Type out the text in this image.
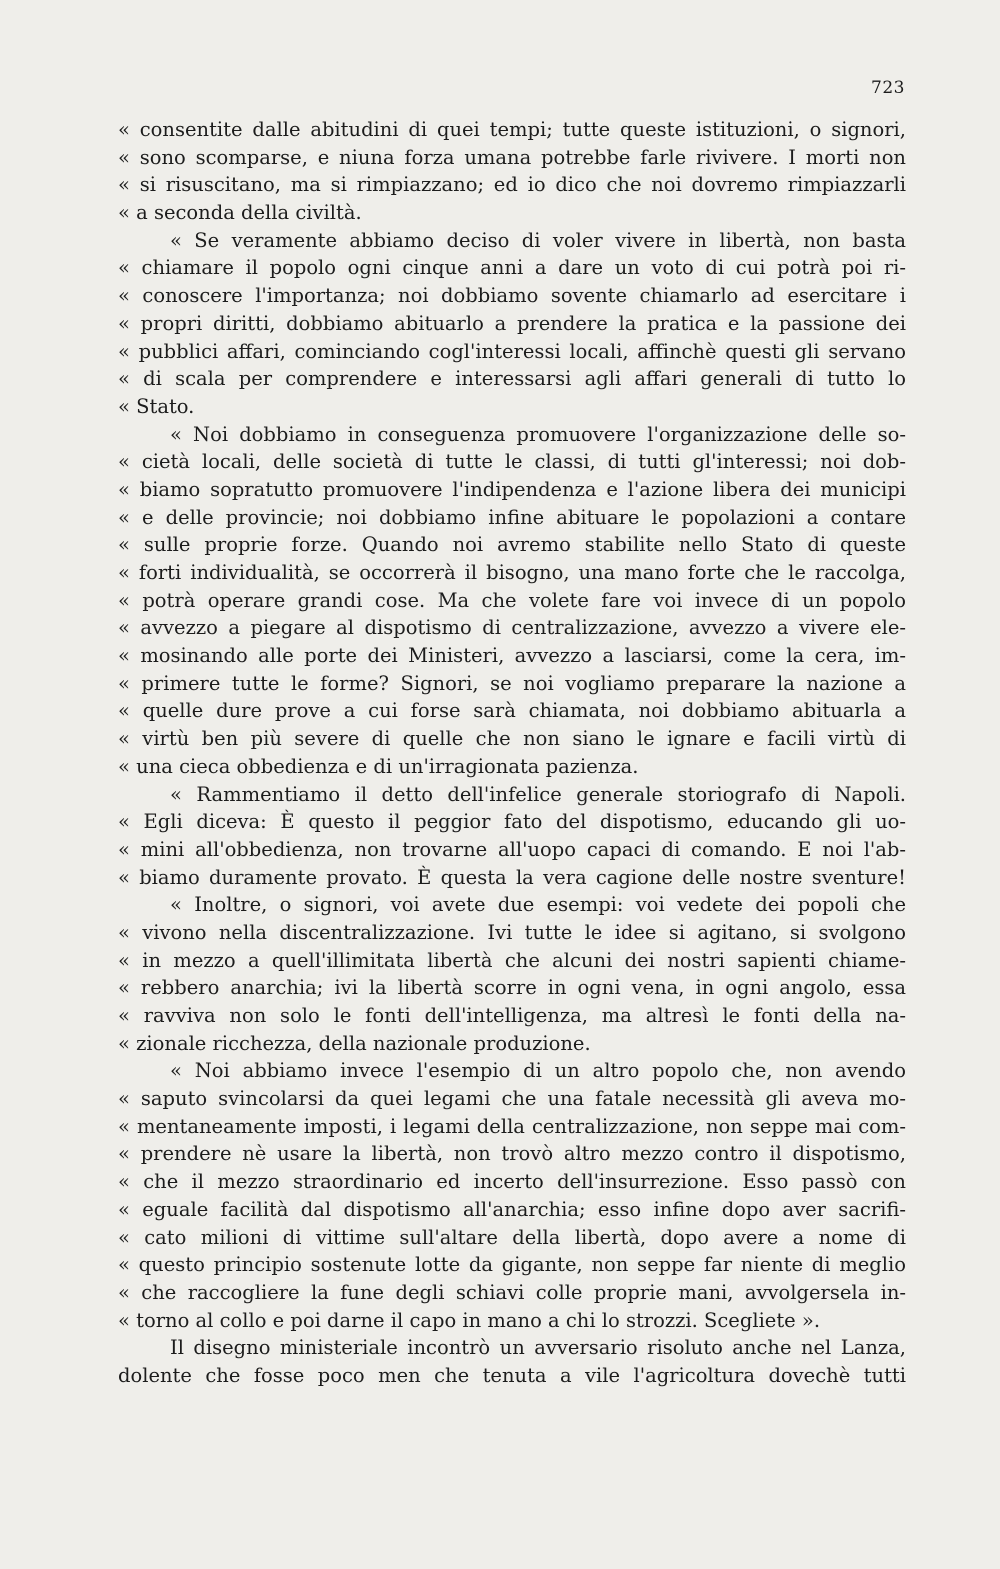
723
« consentite dalle abitudini di quei tempi; tutte queste istituzioni, o signori,
« sono scomparse, e niuna forza umana potrebbe farle rivivere. I morti non
« si risuscitano, ma si rimpiazzano; ed io dico che noi dovremo rimpiazzarli
« a seconda della civiltà.
« Se veramente abbiamo deciso di voler vivere in libertà, non basta
« chiamare il popolo ogni cinque anni a dare un voto di cui potrà poi ri-
« conoscere l'importanza; noi dobbiamo sovente chiamarlo ad esercitare i
« propri diritti, dobbiamo abituarlo a prendere la pratica e la passione dei
« pubblici affari, cominciando cogl'interessi locali, affinchè questi gli servano
« di scala per comprendere e interessarsi agli affari generali di tutto lo
« Stato.
« Noi dobbiamo in conseguenza promuovere l'organizzazione delle so-
« cietà locali, delle società di tutte le classi, di tutti gl'interessi; noi dob-
« biamo sopratutto promuovere l'indipendenza e l'azione libera dei municipi
« e delle provincie; noi dobbiamo infine abituare le popolazioni a contare
« sulle proprie forze. Quando noi avremo stabilite nello Stato di queste
« forti individualità, se occorrerà il bisogno, una mano forte che le raccolga,
« potrà operare grandi cose. Ma che volete fare voi invece di un popolo
« avvezzo a piegare al dispotismo di centralizzazione, avvezzo a vivere ele-
« mosinando alle porte dei Ministeri, avvezzo a lasciarsi, come la cera, im-
« primere tutte le forme? Signori, se noi vogliamo preparare la nazione a
« quelle dure prove a cui forse sarà chiamata, noi dobbiamo abituarla a
« virtù ben più severe di quelle che non siano le ignare e facili virtù di
« una cieca obbedienza e di un'irragionata pazienza.
« Rammentiamo il detto dell'infelice generale storiografo di Napoli.
« Egli diceva: È questo il peggior fato del dispotismo, educando gli uo-
« mini all'obbedienza, non trovarne all'uopo capaci di comando. E noi l'ab-
« biamo duramente provato. È questa la vera cagione delle nostre sventure!
« Inoltre, o signori, voi avete due esempi: voi vedete dei popoli che
« vivono nella discentralizzazione. Ivi tutte le idee si agitano, si svolgono
« in mezzo a quell'illimitata libertà che alcuni dei nostri sapienti chiame-
« rebbero anarchia; ivi la libertà scorre in ogni vena, in ogni angolo, essa
« ravviva non solo le fonti dell'intelligenza, ma altresì le fonti della na-
« zionale ricchezza, della nazionale produzione.
« Noi abbiamo invece l'esempio di un altro popolo che, non avendo
« saputo svincolarsi da quei legami che una fatale necessità gli aveva mo-
« mentaneamente imposti, i legami della centralizzazione, non seppe mai com-
« prendere nè usare la libertà, non trovò altro mezzo contro il dispotismo,
« che il mezzo straordinario ed incerto dell'insurrezione. Esso passò con
« eguale facilità dal dispotismo all'anarchia; esso infine dopo aver sacrifi-
« cato milioni di vittime sull'altare della libertà, dopo avere a nome di
« questo principio sostenute lotte da gigante, non seppe far niente di meglio
« che raccogliere la fune degli schiavi colle proprie mani, avvolgersela in-
« torno al collo e poi darne il capo in mano a chi lo strozzi. Scegliete ».
Il disegno ministeriale incontrò un avversario risoluto anche nel Lanza,
dolente che fosse poco men che tenuta a vile l'agricoltura dovechè tutti
